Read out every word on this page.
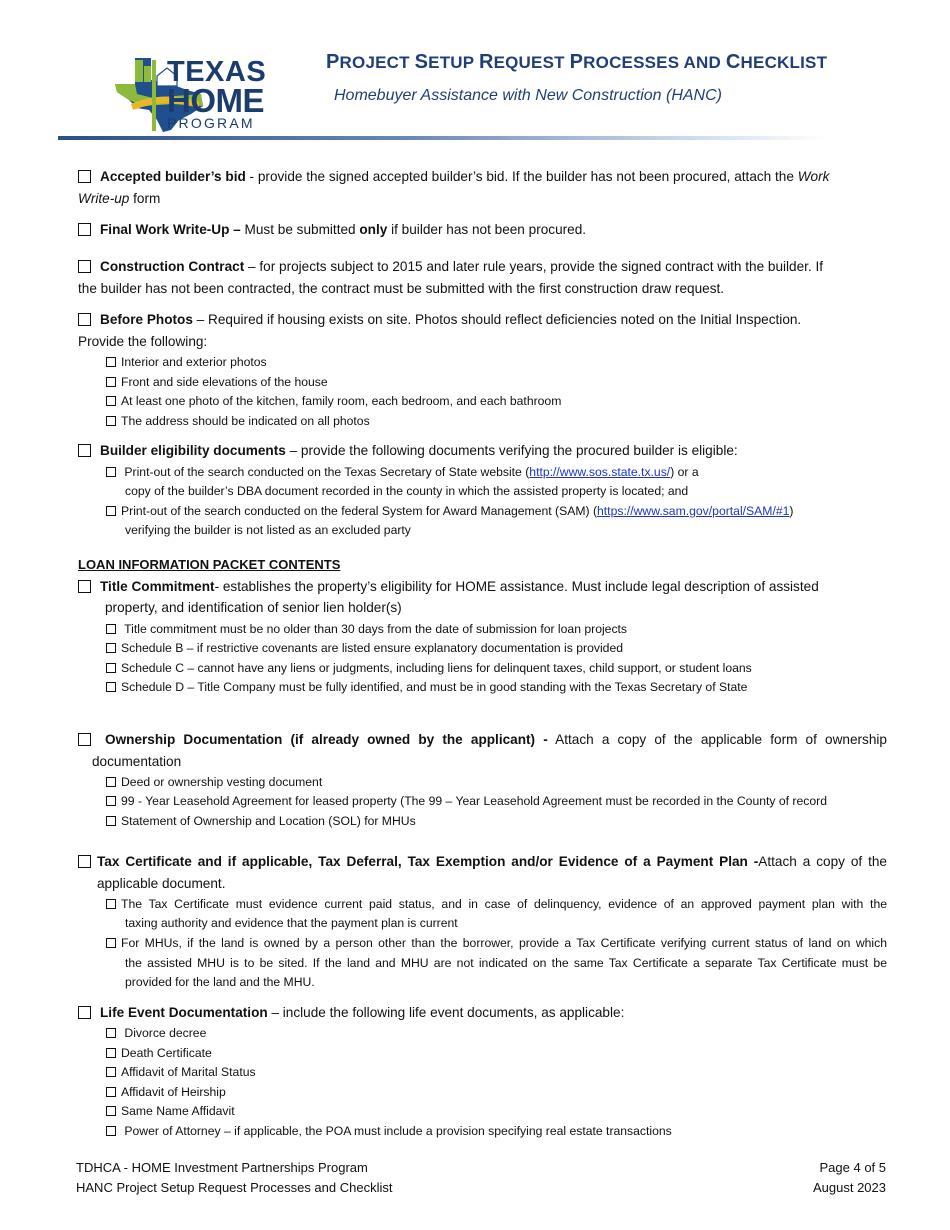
TEXAS
HOME
PROGRAM
PROJECT SETUP REQUEST PROCESSES AND CHECKLIST
Homebuyer Assistance with New Construction (HANC)
Accepted builder’s bid - provide the signed accepted builder’s bid. If the builder has not been procured, attach the Work
Write-up form
Final Work Write-Up – Must be submitted only if builder has not been procured.
Construction Contract – for projects subject to 2015 and later rule years, provide the signed contract with the builder. If
the builder has not been contracted, the contract must be submitted with the first construction draw request.
Before Photos – Required if housing exists on site. Photos should reflect deficiencies noted on the Initial Inspection.
Provide the following:
Interior and exterior photos
Front and side elevations of the house
At least one photo of the kitchen, family room, each bedroom, and each bathroom
The address should be indicated on all photos
Builder eligibility documents – provide the following documents verifying the procured builder is eligible:
Print-out of the search conducted on the Texas Secretary of State website (http://www.sos.state.tx.us/) or a
copy of the builder’s DBA document recorded in the county in which the assisted property is located; and
Print-out of the search conducted on the federal System for Award Management (SAM) (https://www.sam.gov/portal/SAM/#1)
verifying the builder is not listed as an excluded party
LOAN INFORMATION PACKET CONTENTS
Title Commitment- establishes the property’s eligibility for HOME assistance. Must include legal description of assisted
property, and identification of senior lien holder(s)
Title commitment must be no older than 30 days from the date of submission for loan projects
Schedule B – if restrictive covenants are listed ensure explanatory documentation is provided
Schedule C – cannot have any liens or judgments, including liens for delinquent taxes, child support, or student loans
Schedule D – Title Company must be fully identified, and must be in good standing with the Texas Secretary of State
Ownership Documentation (if already owned by the applicant) - Attach a copy of the applicable form of ownership
documentation
Deed or ownership vesting document
99 - Year Leasehold Agreement for leased property (The 99 – Year Leasehold Agreement must be recorded in the County of record
Statement of Ownership and Location (SOL) for MHUs
Tax Certificate and if applicable, Tax Deferral, Tax Exemption and/or Evidence of a Payment Plan -Attach a copy of the
applicable document.
The Tax Certificate must evidence current paid status, and in case of delinquency, evidence of an approved payment plan with the
taxing authority and evidence that the payment plan is current
For MHUs, if the land is owned by a person other than the borrower, provide a Tax Certificate verifying current status of land on which
the assisted MHU is to be sited. If the land and MHU are not indicated on the same Tax Certificate a separate Tax Certificate must be
provided for the land and the MHU.
Life Event Documentation – include the following life event documents, as applicable:
Divorce decree
Death Certificate
Affidavit of Marital Status
Affidavit of Heirship
Same Name Affidavit
Power of Attorney – if applicable, the POA must include a provision specifying real estate transactions
TDHCA - HOME Investment Partnerships Program
HANC Project Setup Request Processes and Checklist
Page 4 of 5
August 2023
